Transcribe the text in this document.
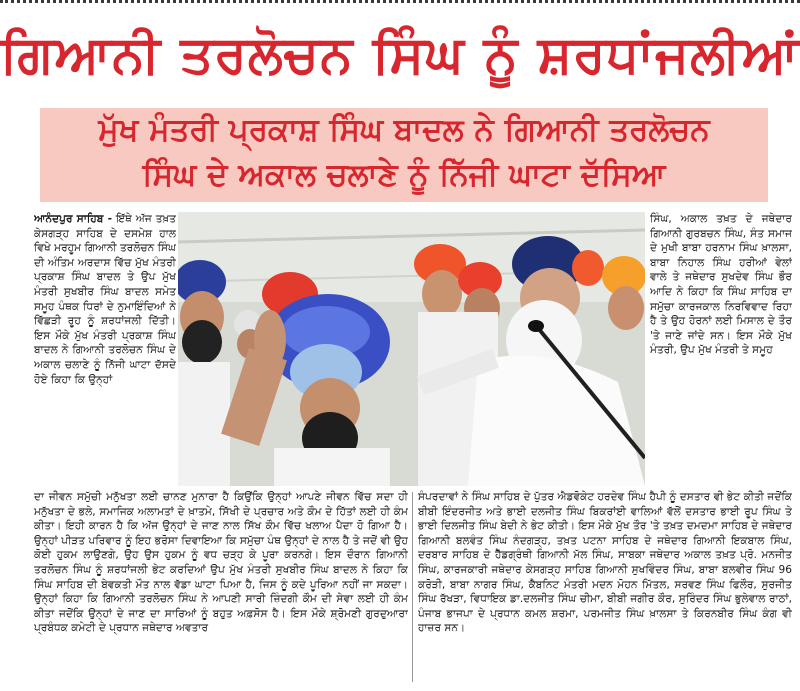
ਗਿਆਨੀ ਤਰਲੋਚਨ ਸਿੰਘ ਨੂੰ ਸ਼ਰਧਾਂਜਲੀਆਂ
ਮੁੱਖ ਮੰਤਰੀ ਪ੍ਰਕਾਸ਼ ਸਿੰਘ ਬਾਦਲ ਨੇ ਗਿਆਨੀ ਤਰਲੋਚਨ
ਸਿੰਘ ਦੇ ਅਕਾਲ ਚਲਾਣੇ ਨੂੰ ਨਿੱਜੀ ਘਾਟਾ ਦੱਸਿਆ
ਆਨੰਦਪੁਰ ਸਾਹਿਬ - ਇੱਥੇ ਅੱਜ ਤਖ਼ਤ ਕੇਸਗੜ੍ਹ ਸਾਹਿਬ ਦੇ ਦਸਮੇਸ਼ ਹਾਲ ਵਿਖੇ ਮਰਹੂਮ ਗਿਆਨੀ ਤਰਲੋਚਨ ਸਿੰਘ ਦੀ ਅੰਤਿਮ ਅਰਦਾਸ ਵਿੱਚ ਮੁੱਖ ਮੰਤਰੀ ਪ੍ਰਕਾਸ਼ ਸਿੰਘ ਬਾਦਲ ਤੇ ਉਪ ਮੁੱਖ ਮੰਤਰੀ ਸੁਖਬੀਰ ਸਿੰਘ ਬਾਦਲ ਸਮੇਤ ਸਮੂਹ ਪੰਥਕ ਧਿਰਾਂ ਦੇ ਨੁਮਾਇੰਦਿਆਂ ਨੇ ਵਿੱਛੜੀ ਰੂਹ ਨੂੰ ਸ਼ਰਧਾਂਜਲੀ ਦਿੱਤੀ। ਇਸ ਮੌਕੇ ਮੁੱਖ ਮੰਤਰੀ ਪ੍ਰਕਾਸ਼ ਸਿੰਘ ਬਾਦਲ ਨੇ ਗਿਆਨੀ ਤਰਲੋਚਨ ਸਿੰਘ ਦੇ ਅਕਾਲ ਚਲਾਣੇ ਨੂੰ ਨਿੱਜੀ ਘਾਟਾ ਦੱਸਦੇ ਹੋਏ ਕਿਹਾ ਕਿ ਉਨ੍ਹਾਂ
ਸਿੰਘ, ਅਕਾਲ ਤਖ਼ਤ ਦੇ ਜਥੇਦਾਰ ਗਿਆਨੀ ਗੁਰਬਚਨ ਸਿੰਘ, ਸੰਤ ਸਮਾਜ ਦੇ ਮੁਖੀ ਬਾਬਾ ਹਰਨਾਮ ਸਿੰਘ ਖ਼ਾਲਸਾ, ਬਾਬਾ ਨਿਹਾਲ ਸਿੰਘ ਹਰੀਆਂ ਵੇਲਾਂ ਵਾਲੇ ਤੇ ਜਥੇਦਾਰ ਸੁਖਦੇਵ ਸਿੰਘ ਭੌਰ ਆਦਿ ਨੇ ਕਿਹਾ ਕਿ ਸਿੰਘ ਸਾਹਿਬ ਦਾ ਸਮੁੱਚਾ ਕਾਰਜਕਾਲ ਨਿਰਵਿਵਾਦ ਰਿਹਾ ਹੈ ਤੇ ਉਹ ਹੋਰਨਾਂ ਲਈ ਮਿਸਾਲ ਦੇ ਤੌਰ 'ਤੇ ਜਾਣੇ ਜਾਂਦੇ ਸਨ। ਇਸ ਮੌਕੇ ਮੁੱਖ ਮੰਤਰੀ, ਉਪ ਮੁੱਖ ਮੰਤਰੀ ਤੇ ਸਮੂਹ
ਦਾ ਜੀਵਨ ਸਮੁੱਚੀ ਮਨੁੱਖਤਾ ਲਈ ਚਾਨਣ ਮੁਨਾਰਾ ਹੈ ਕਿਉਂਕਿ ਉਨ੍ਹਾਂ ਆਪਣੇ ਜੀਵਨ ਵਿੱਚ ਸਦਾ ਹੀ ਮਨੁੱਖਤਾ ਦੇ ਭਲੇ, ਸਮਾਜਿਕ ਅਲਾਮਤਾਂ ਦੇ ਖ਼ਾਤਮੇ, ਸਿੱਖੀ ਦੇ ਪ੍ਰਚਾਰ ਅਤੇ ਕੌਮ ਦੇ ਹਿੱਤਾਂ ਲਈ ਹੀ ਕੰਮ ਕੀਤਾ। ਇਹੀ ਕਾਰਨ ਹੈ ਕਿ ਅੱਜ ਉਨ੍ਹਾਂ ਦੇ ਜਾਣ ਨਾਲ ਸਿੱਖ ਕੌਮ ਵਿੱਚ ਖਲਾਅ ਪੈਦਾ ਹੋ ਗਿਆ ਹੈ। ਉਨ੍ਹਾਂ ਪੀੜਤ ਪਰਿਵਾਰ ਨੂੰ ਇਹ ਭਰੋਸਾ ਦਿਵਾਇਆ ਕਿ ਸਮੁੱਚਾ ਪੰਥ ਉਨ੍ਹਾਂ ਦੇ ਨਾਲ ਹੈ ਤੇ ਜਦੋਂ ਵੀ ਉਹ ਕੋਈ ਹੁਕਮ ਲਾਉਣਗੇ, ਉਹ ਉਸ ਹੁਕਮ ਨੂੰ ਵਧ ਚੜ੍ਹ ਕੇ ਪੂਰਾ ਕਰਨਗੇ। ਇਸ ਦੌਰਾਨ ਗਿਆਨੀ ਤਰਲੋਚਨ ਸਿੰਘ ਨੂੰ ਸ਼ਰਧਾਂਜਲੀ ਭੇਟ ਕਰਦਿਆਂ ਉਪ ਮੁੱਖ ਮੰਤਰੀ ਸੁਖਬੀਰ ਸਿੰਘ ਬਾਦਲ ਨੇ ਕਿਹਾ ਕਿ ਸਿੰਘ ਸਾਹਿਬ ਦੀ ਬੇਵਕਤੀ ਮੌਤ ਨਾਲ ਵੱਡਾ ਘਾਟਾ ਪਿਆ ਹੈ, ਜਿਸ ਨੂੰ ਕਦੇ ਪੂਰਿਆ ਨਹੀਂ ਜਾ ਸਕਦਾ। ਉਨ੍ਹਾਂ ਕਿਹਾ ਕਿ ਗਿਆਨੀ ਤਰਲੋਚਨ ਸਿੰਘ ਨੇ ਆਪਣੀ ਸਾਰੀ ਜ਼ਿੰਦਗੀ ਕੌਮ ਦੀ ਸੇਵਾ ਲਈ ਹੀ ਕੰਮ ਕੀਤਾ ਜਦੋਂਕਿ ਉਨ੍ਹਾਂ ਦੇ ਜਾਣ ਦਾ ਸਾਰਿਆਂ ਨੂੰ ਬਹੁਤ ਅਫ਼ਸੋਸ ਹੈ। ਇਸ ਮੌਕੇ ਸ਼੍ਰੋਮਣੀ ਗੁਰਦੁਆਰਾ ਪ੍ਰਬੰਧਕ ਕਮੇਟੀ ਦੇ ਪ੍ਰਧਾਨ ਜਥੇਦਾਰ ਅਵਤਾਰ
ਸੰਪਰਦਾਵਾਂ ਨੇ ਸਿੰਘ ਸਾਹਿਬ ਦੇ ਪੁੱਤਰ ਐਡਵੋਕੇਟ ਹਰਦੇਵ ਸਿੰਘ ਹੈਪੀ ਨੂੰ ਦਸਤਾਰ ਵੀ ਭੇਟ ਕੀਤੀ ਜਦੋਂਕਿ ਬੀਬੀ ਇੰਦਰਜੀਤ ਅਤੇ ਭਾਈ ਦਲਜੀਤ ਸਿੰਘ ਬਿਕਰਾਂਈ ਵਾਲਿਆਂ ਵੱਲੋਂ ਦਸਤਾਰ ਭਾਈ ਰੂਪ ਸਿੰਘ ਤੇ ਭਾਈ ਦਿਲਜੀਤ ਸਿੰਘ ਬੇਦੀ ਨੇ ਭੇਟ ਕੀਤੀ। ਇਸ ਮੌਕੇ ਮੁੱਖ ਤੌਰ 'ਤੇ ਤਖ਼ਤ ਦਮਦਮਾ ਸਾਹਿਬ ਦੇ ਜਥੇਦਾਰ ਗਿਆਨੀ ਬਲਵੰਤ ਸਿੰਘ ਨੰਦਗੜ੍ਹ, ਤਖ਼ਤ ਪਟਨਾ ਸਾਹਿਬ ਦੇ ਜਥੇਦਾਰ ਗਿਆਨੀ ਇਕਬਾਲ ਸਿੰਘ, ਦਰਬਾਰ ਸਾਹਿਬ ਦੇ ਹੈੱਡਗ੍ਰੰਥੀ ਗਿਆਨੀ ਮੱਲ ਸਿੰਘ, ਸਾਬਕਾ ਜਥੇਦਾਰ ਅਕਾਲ ਤਖ਼ਤ ਪ੍ਰੋ. ਮਨਜੀਤ ਸਿੰਘ, ਕਾਰਜਕਾਰੀ ਜਥੇਦਾਰ ਕੇਸਗੜ੍ਹ ਸਾਹਿਬ ਗਿਆਨੀ ਸੁਖਵਿੰਦਰ ਸਿੰਘ, ਬਾਬਾ ਬਲਵੀਰ ਸਿੰਘ 96 ਕਰੋੜੀ, ਬਾਬਾ ਨਾਗਰ ਸਿੰਘ, ਕੈਬਨਿਟ ਮੰਤਰੀ ਮਦਨ ਮੋਹਨ ਮਿੱਤਲ, ਸਰਵਣ ਸਿੰਘ ਫਿਲੌਰ, ਸੁਰਜੀਤ ਸਿੰਘ ਰੱਖੜਾ, ਵਿਧਾਇਕ ਡਾ.ਦਲਜੀਤ ਸਿੰਘ ਚੀਮਾ, ਬੀਬੀ ਜਗੀਰ ਕੌਰ, ਸੁਰਿੰਦਰ ਸਿੰਘ ਭੁਲੇਵਾਲ ਰਾਠਾਂ, ਪੰਜਾਬ ਭਾਜਪਾ ਦੇ ਪ੍ਰਧਾਨ ਕਮਲ ਸ਼ਰਮਾ, ਪਰਮਜੀਤ ਸਿੰਘ ਖ਼ਾਲਸਾ ਤੇ ਕਿਰਨਬੀਰ ਸਿੰਘ ਕੰਗ ਵੀ ਹਾਜ਼ਰ ਸਨ।
